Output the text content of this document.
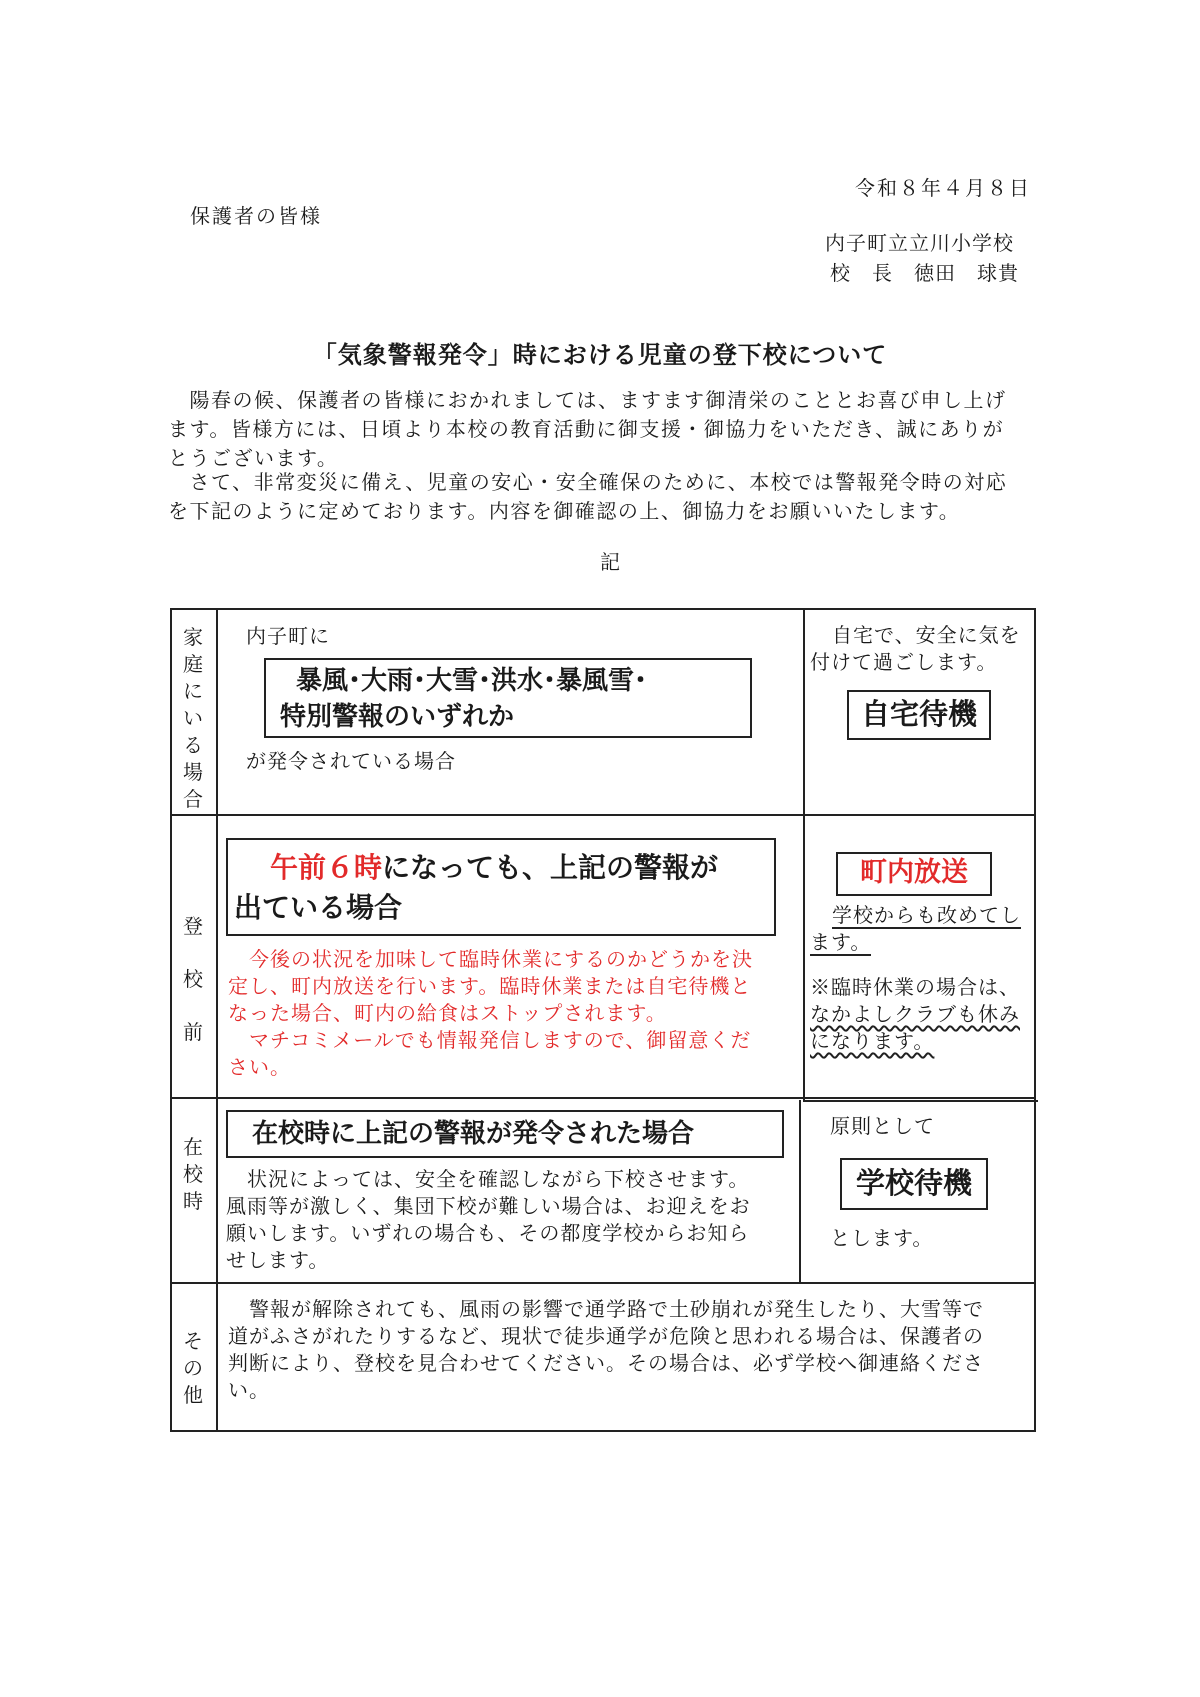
令和８年４月８日
保護者の皆様
内子町立立川小学校
校　長　徳田　球貴
「気象警報発令」時における児童の登下校について
　陽春の候、保護者の皆様におかれましては、ますます御清栄のこととお喜び申し上げ
ます。皆様方には、日頃より本校の教育活動に御支援・御協力をいただき、誠にありが
とうございます。
　さて、非常変災に備え、児童の安心・安全確保のために、本校では警報発令時の対応
を下記のように定めております。内容を御確認の上、御協力をお願いいたします。
記
家
庭
に
い
る
場
合
内子町に
暴風･大雨･大雪･洪水･暴風雪･
特別警報のいずれか
が発令されている場合
自宅で、安全に気を
付けて過ごします。
自宅待機
登
校
前
午前６時になっても、上記の警報が
出ている場合
　今後の状況を加味して臨時休業にするのかどうかを決
定し、町内放送を行います。臨時休業または自宅待機と
なった場合、町内の給食はストップされます。
　マチコミメールでも情報発信しますので、御留意くだ
さい。
町内放送
学校からも改めてし
ます。
※臨時休業の場合は、
なかよしクラブも休み
になります。
在
校
時
在校時に上記の警報が発令された場合
　状況によっては、安全を確認しながら下校させます。
風雨等が激しく、集団下校が難しい場合は、お迎えをお
願いします。いずれの場合も、その都度学校からお知ら
せします。
原則として
学校待機
とします。
そ
の
他
　警報が解除されても、風雨の影響で通学路で土砂崩れが発生したり、大雪等で
道がふさがれたりするなど、現状で徒歩通学が危険と思われる場合は、保護者の
判断により、登校を見合わせてください。その場合は、必ず学校へ御連絡くださ
い。
